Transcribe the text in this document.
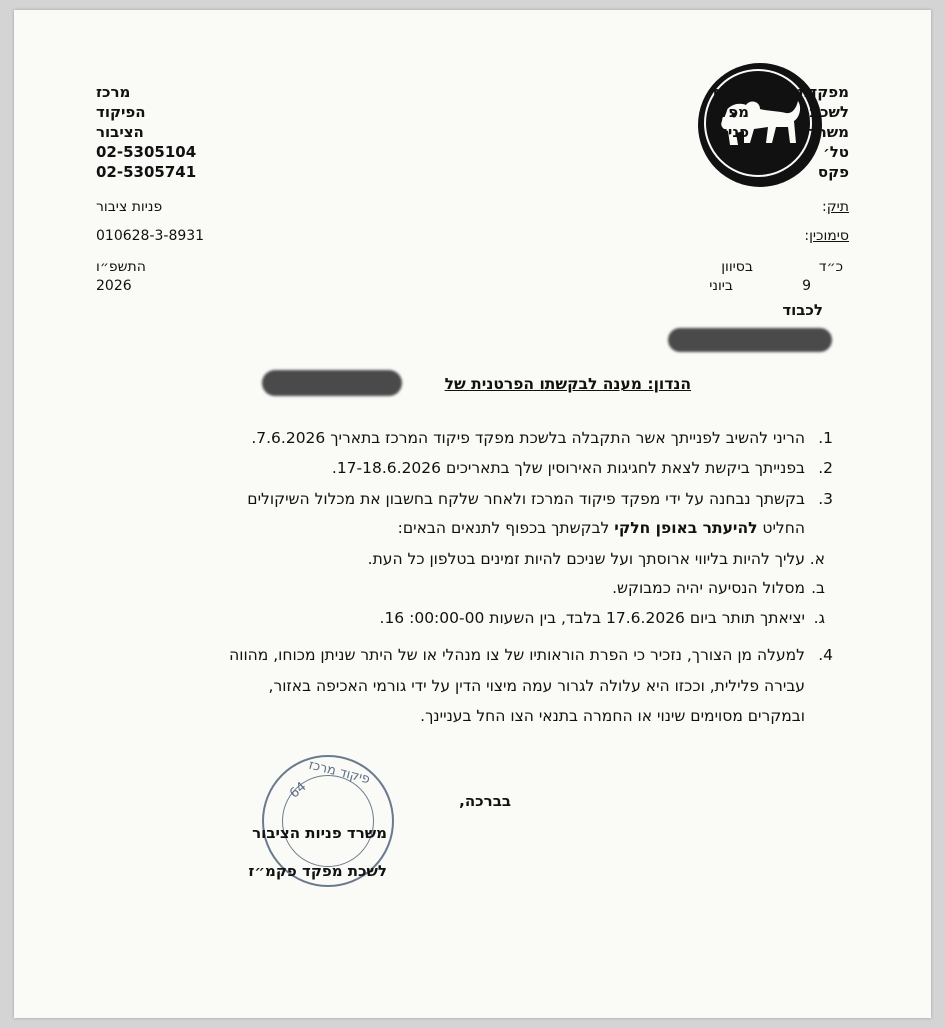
מפקדת
לשכת
משרד
טל׳
פקס
פיקוד
מפקד
פניות
מרכז
הפיקוד
הציבור
02-5305104
02-5305741
תיק:
פניות ציבור
סימוכין:
010628-3-8931
כ״ד
בסיוון
התשפ״ו
9
ביוני
2026
לכבוד
הנדון: מענה לבקשתו הפרטנית של
1.
הריני להשיב לפנייתך אשר התקבלה בלשכת מפקד פיקוד המרכז בתאריך 7.6.2026.
2.
בפנייתך ביקשת לצאת לחגיגות האירוסין שלך בתאריכים 17-18.6.2026.
3.
בקשתך נבחנה על ידי מפקד פיקוד המרכז ולאחר שלקח בחשבון את מכלול השיקולים
החליט להיעתר באופן חלקי לבקשתך בכפוף לתנאים הבאים:
א.
עליך להיות בליווי ארוסתך ועל שניכם להיות זמינים בטלפון כל העת.
ב.
מסלול הנסיעה יהיה כמבוקש.
ג.
יציאתך תותר ביום 17.6.2026 בלבד, בין השעות 00:00-00: 16.
4.
למעלה מן הצורך, נזכיר כי הפרת הוראותיו של צו מנהלי או של היתר שניתן מכוחו, מהווה
עבירה פלילית, וככזו היא עלולה לגרור עמה מיצוי הדין על ידי גורמי האכיפה באזור,
ובמקרים מסוימים שינוי או החמרה בתנאי הצו החל בעניינך.
בברכה,
פיקוד מרכז
64
משרד פניות הציבור
לשכת מפקד פקמ״ז
